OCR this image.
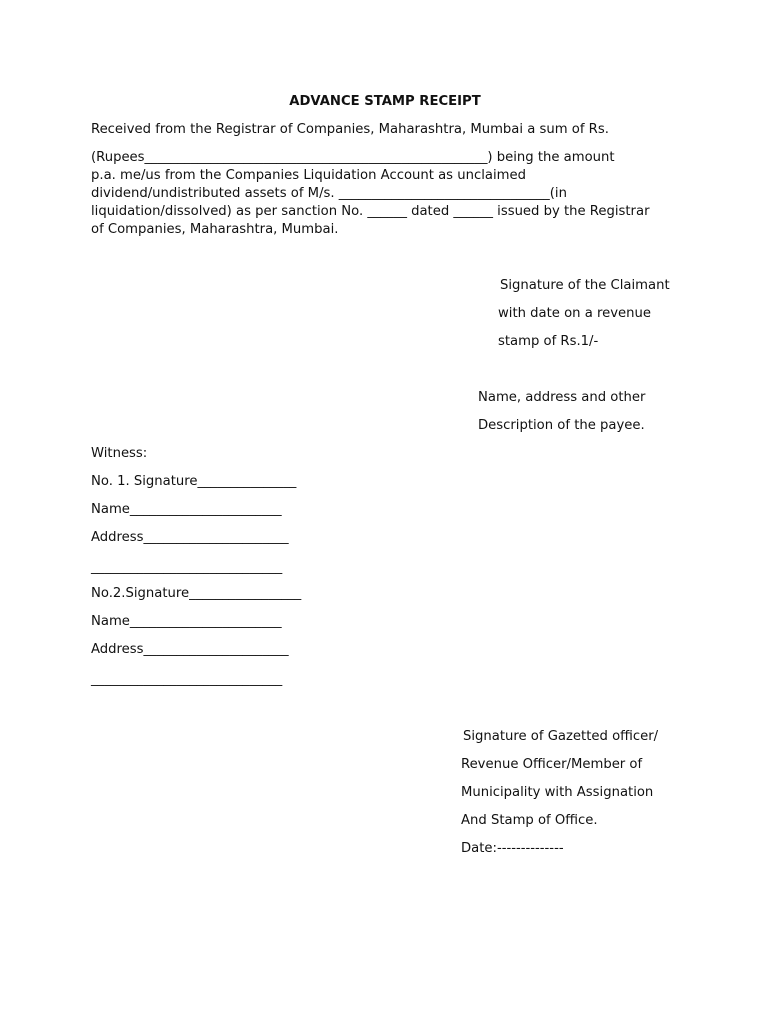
ADVANCE STAMP RECEIPT
Received from the Registrar of Companies, Maharashtra, Mumbai a sum of Rs.
(Rupees____________________________________________________) being the amount
p.a. me/us from the Companies Liquidation Account as unclaimed
dividend/undistributed assets of M/s. ________________________________(in
liquidation/dissolved) as per sanction No. ______ dated ______ issued by the Registrar
of Companies, Maharashtra, Mumbai.
Signature of the Claimant
with date on a revenue
stamp of Rs.1/-
Name, address and other
Description of the payee.
Witness:
No. 1. Signature_______________
Name_______________________
Address______________________
_____________________________
No.2.Signature_________________
Name_______________________
Address______________________
_____________________________
Signature of Gazetted officer/
Revenue Officer/Member of
Municipality with Assignation
And Stamp of Office.
Date:--------------
